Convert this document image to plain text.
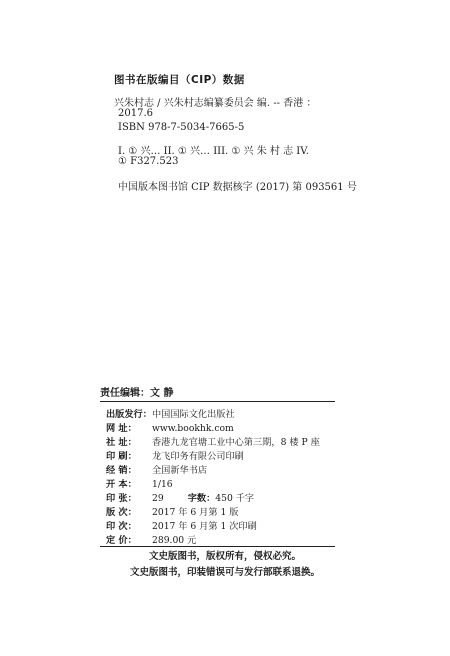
图书在版编目（CIP）数据
兴朱村志 / 兴朱村志编纂委员会 编. -- 香港 ：
2017.6
ISBN 978-7-5034-7665-5
I. ① 兴… II. ① 兴… III. ① 兴 朱 村 志 IV.
① F327.523
中国版本图书馆 CIP 数据核字 (2017) 第 093561 号
责任编辑：文 静
出版发行：中国国际文化出版社
网 址： www.bookhk.com
社 址： 香港九龙官塘工业中心第三期，8 楼 P 座
印 刷： 龙飞印务有限公司印刷
经 销： 全国新华书店
开 本： 1/16
印 张： 29	字数：450 千字
版 次： 2017 年 6 月第 1 版
印 次： 2017 年 6 月第 1 次印刷
定 价： 289.00 元
文史版图书，版权所有，侵权必究。
文史版图书，印装错误可与发行部联系退换。
